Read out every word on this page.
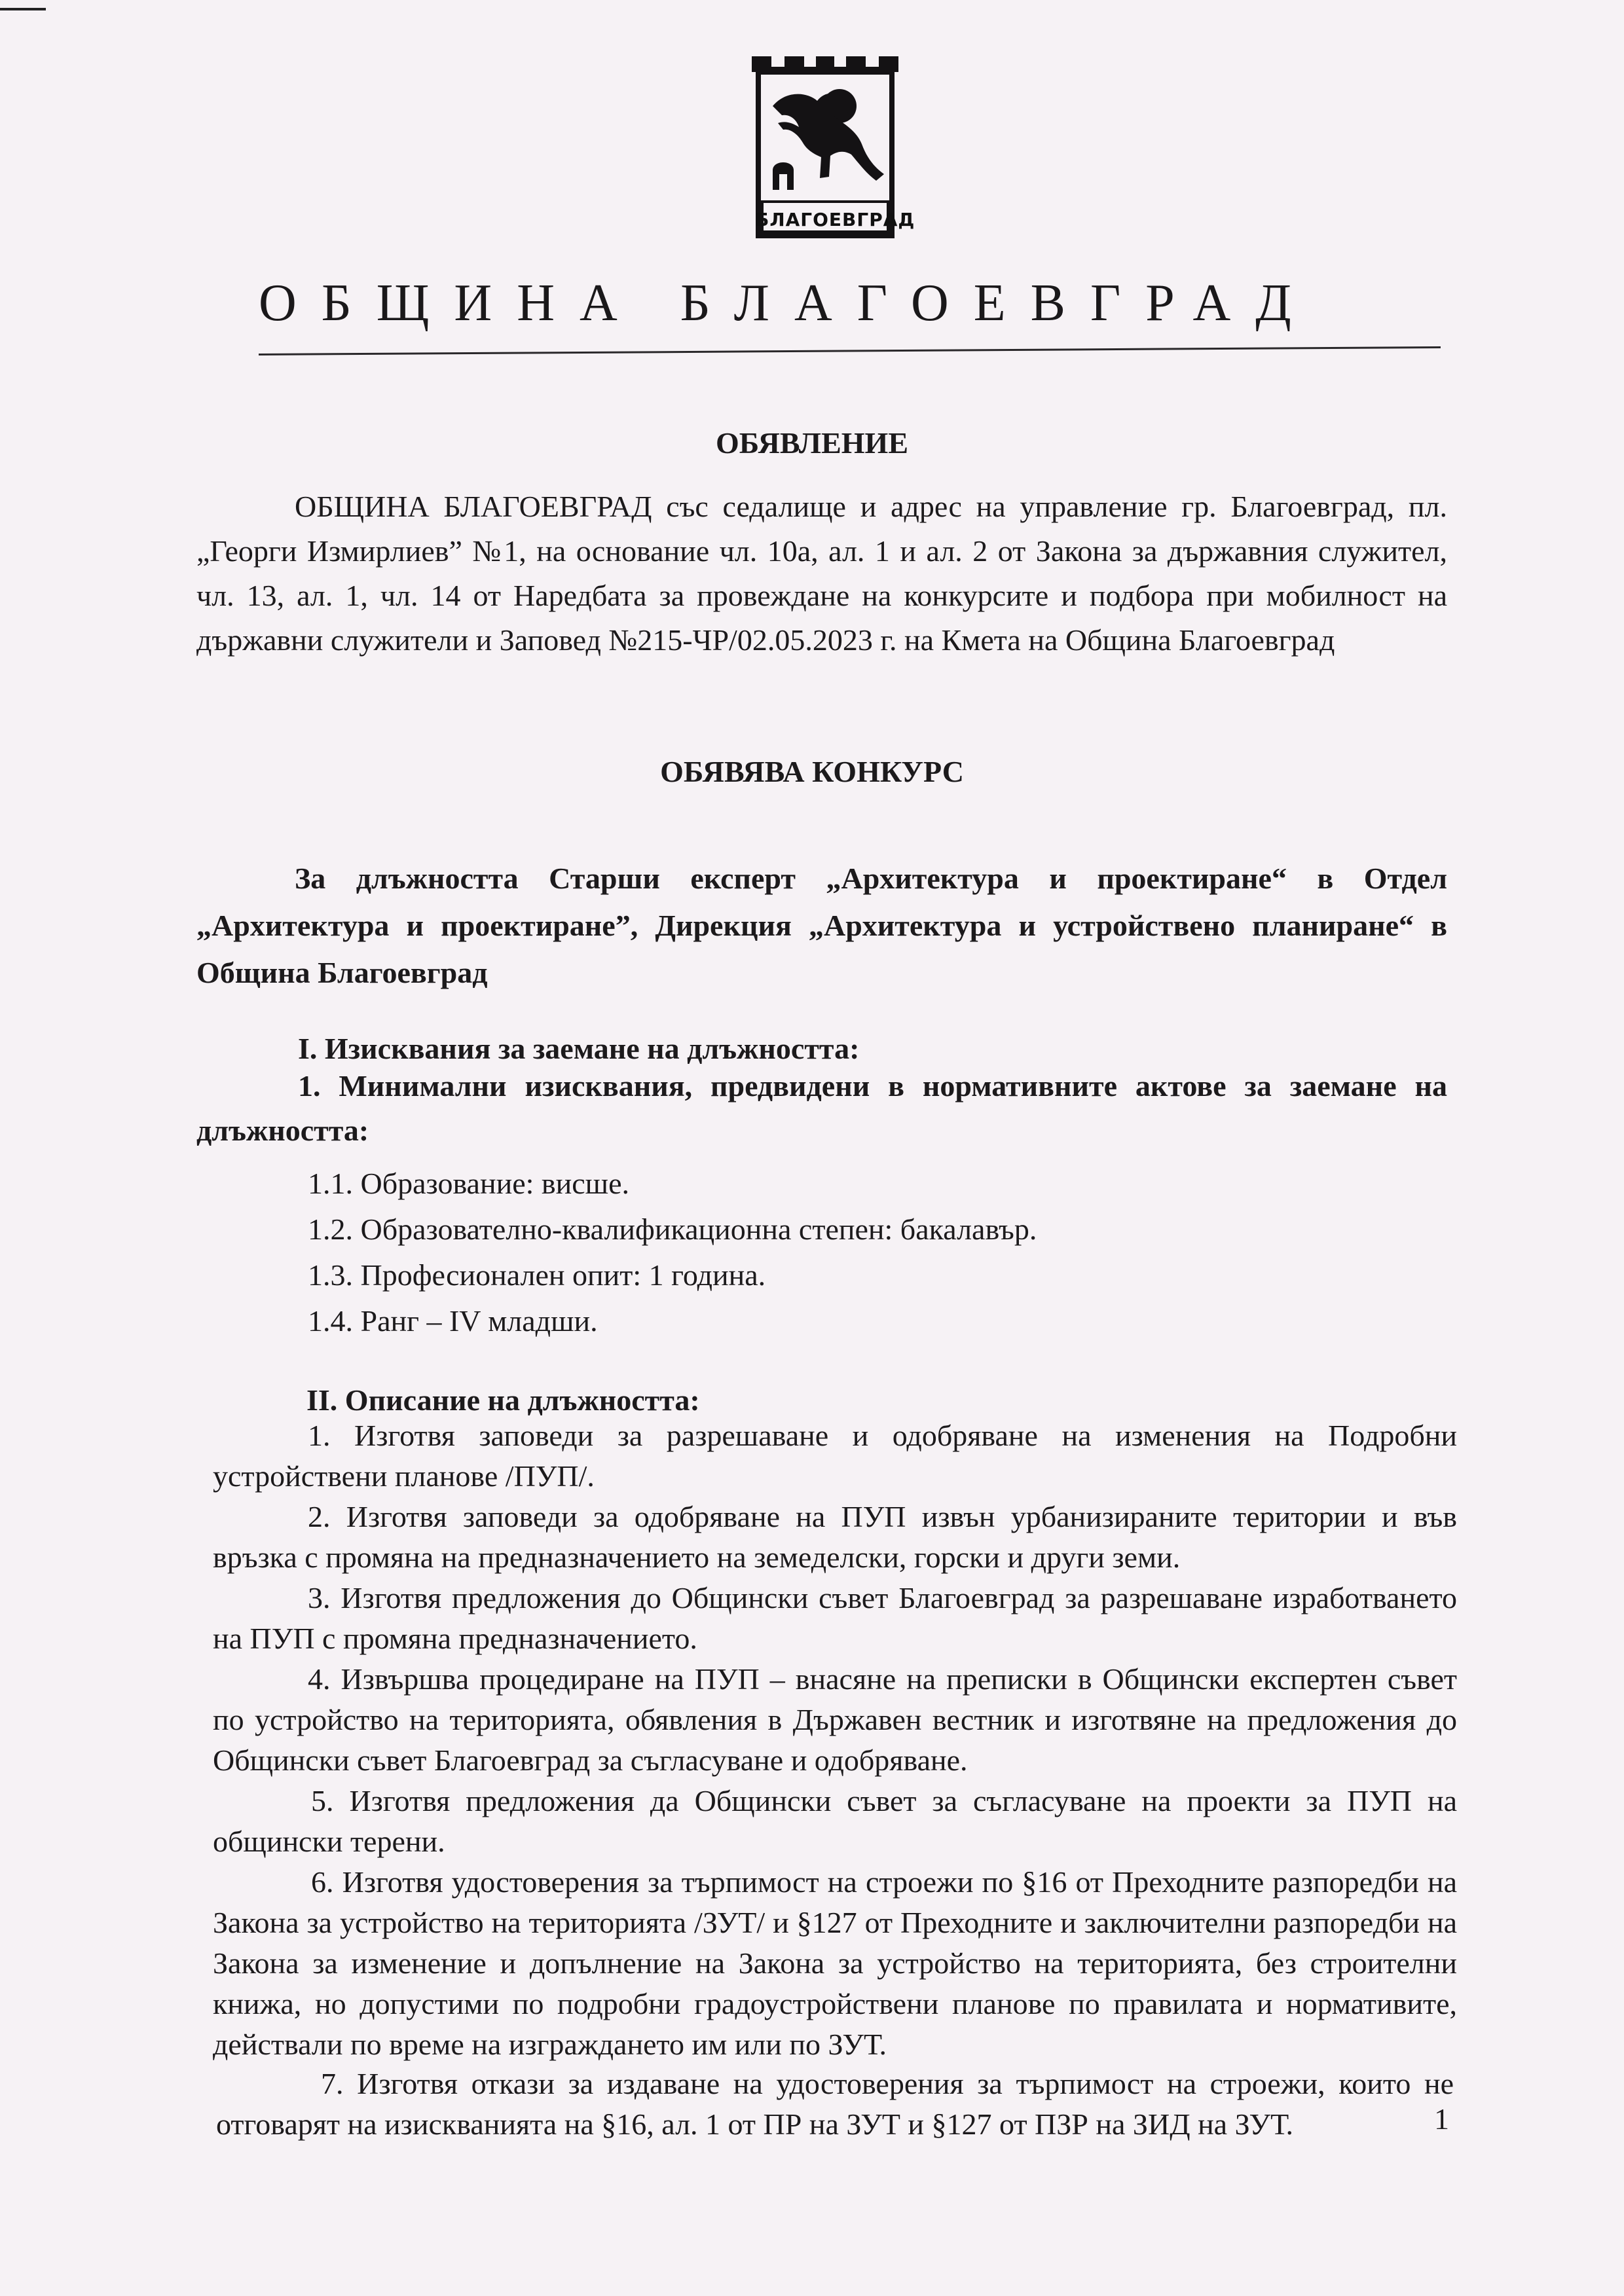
БЛАГОЕВГРАД
ОБЩИНА БЛАГОЕВГРАД
ОБЯВЛЕНИЕ

ОБЩИНА БЛАГОЕВГРАД със седалище и адрес на управление гр. Благоевград, пл. „Георги Измирлиев” №1, на основание чл. 10а, ал. 1 и ал. 2 от Закона за държавния служител, чл. 13, ал. 1, чл. 14 от Наредбата за провеждане на конкурсите и подбора при мобилност на държавни служители и Заповед №215-ЧР/02.05.2023 г. на Кмета на Община Благоевград

ОБЯВЯВА КОНКУРС

За длъжността Старши експерт „Архитектура и проектиране“ в Отдел „Архитектура и проектиране”, Дирекция „Архитектура и устройствено планиране“ в Община Благоевград

I. Изисквания за заемане на длъжността:

1. Минимални изисквания, предвидени в нормативните актове за заемане на длъжността:

1.1. Образование: висше.
1.2. Образователно-квалификационна степен: бакалавър.
1.3. Професионален опит: 1 година.
1.4. Ранг – IV младши.
II. Описание на длъжността:

1. Изготвя заповеди за разрешаване и одобряване на изменения на Подробни устройствени планове /ПУП/.

2. Изготвя заповеди за одобряване на ПУП извън урбанизираните територии и във връзка с промяна на предназначението на земеделски, горски и други земи.

3. Изготвя предложения до Общински съвет Благоевград за разрешаване изработването на ПУП с промяна предназначението.

4. Извършва процедиране на ПУП – внасяне на преписки в Общински експертен съвет по устройство на територията, обявления в Държавен вестник и изготвяне на предложения до Общински съвет Благоевград за съгласуване и одобряване.

5. Изготвя предложения да Общински съвет за съгласуване на проекти за ПУП на общински терени.

6. Изготвя удостоверения за търпимост на строежи по §16 от Преходните разпоредби на Закона за устройство на територията /ЗУТ/ и §127 от Преходните и заключителни разпоредби на Закона за изменение и допълнение на Закона за устройство на територията, без строителни книжа, но допустими по подробни градоустройствени планове по правилата и нормативите, действали по време на изграждането им или по ЗУТ.

7. Изготвя откази за издаване на удостоверения за търпимост на строежи, които не отговарят на изискванията на §16, ал. 1 от ПР на ЗУТ и §127 от ПЗР на ЗИД на ЗУТ.	1
